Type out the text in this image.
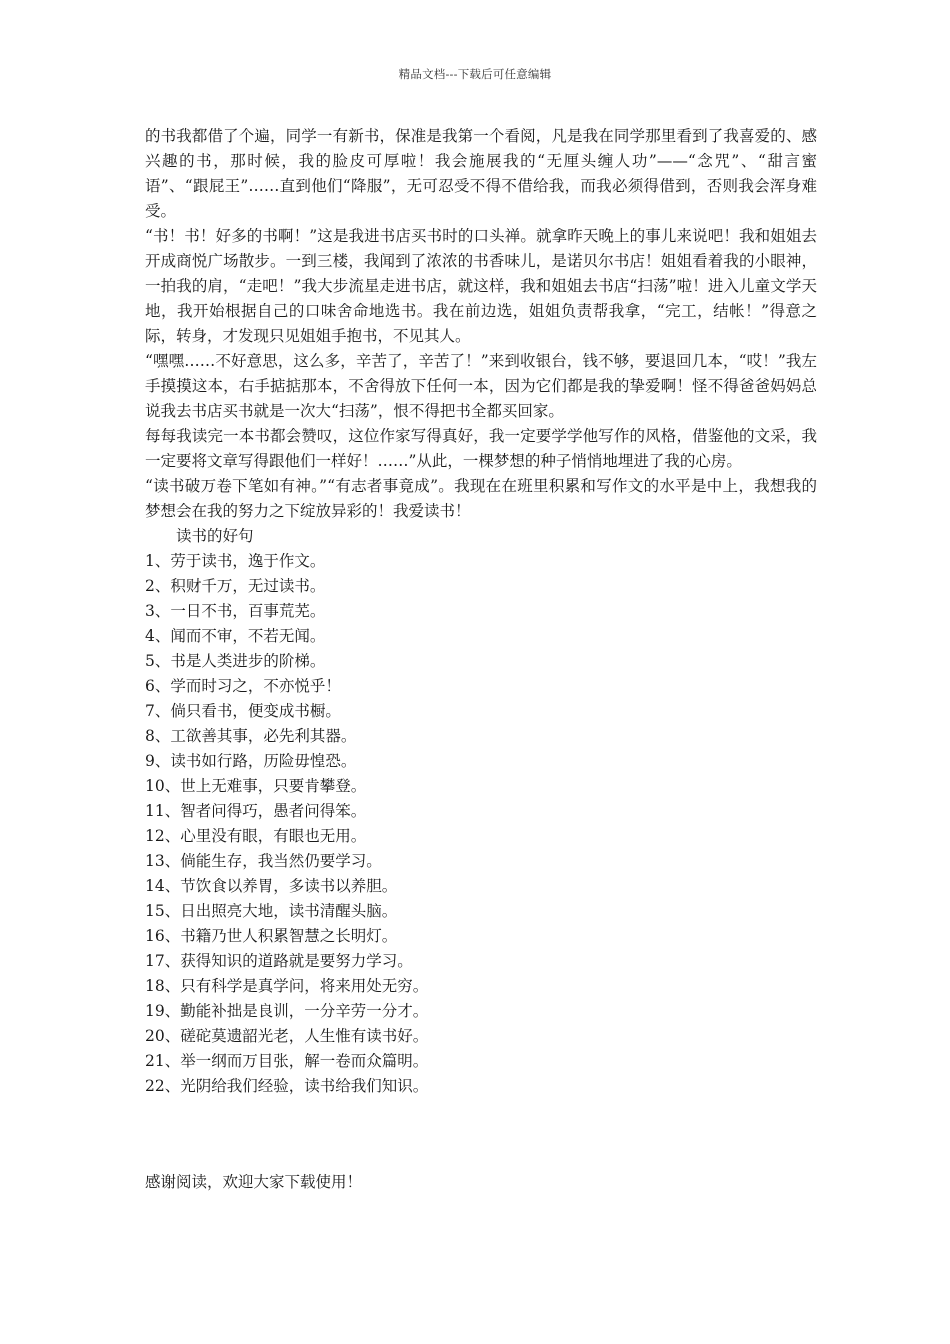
精品文档---下载后可任意编辑

的书我都借了个遍，同学一有新书，保准是我第一个看阅，凡是我在同学那里看到了我喜爱的、感兴趣的书，那时候，我的脸皮可厚啦！我会施展我的“无厘头缠人功”——“念咒”、“甜言蜜语”、“跟屁王”……直到他们“降服”，无可忍受不得不借给我，而我必须得借到，否则我会浑身难受。

“书！书！好多的书啊！”这是我进书店买书时的口头禅。就拿昨天晚上的事儿来说吧！我和姐姐去开成商悦广场散步。一到三楼，我闻到了浓浓的书香味儿，是诺贝尔书店！姐姐看着我的小眼神，一拍我的肩，“走吧！”我大步流星走进书店，就这样，我和姐姐去书店“扫荡”啦！进入儿童文学天地，我开始根据自己的口味舍命地选书。我在前边选，姐姐负责帮我拿，“完工，结帐！”得意之际，转身，才发现只见姐姐手抱书，不见其人。

“嘿嘿……不好意思，这么多，辛苦了，辛苦了！”来到收银台，钱不够，要退回几本，“哎！”我左手摸摸这本，右手掂掂那本，不舍得放下任何一本，因为它们都是我的挚爱啊！怪不得爸爸妈妈总说我去书店买书就是一次大“扫荡”，恨不得把书全都买回家。

每每我读完一本书都会赞叹，这位作家写得真好，我一定要学学他写作的风格，借鉴他的文采，我一定要将文章写得跟他们一样好！……”从此，一棵梦想的种子悄悄地埋进了我的心房。

“读书破万卷下笔如有神。”“有志者事竟成”。我现在在班里积累和写作文的水平是中上，我想我的梦想会在我的努力之下绽放异彩的！我爱读书！

读书的好句

1、劳于读书，逸于作文。
2、积财千万，无过读书。
3、一日不书，百事荒芜。
4、闻而不审，不若无闻。
5、书是人类进步的阶梯。
6、学而时习之，不亦悦乎！
7、倘只看书，便变成书橱。
8、工欲善其事，必先利其器。
9、读书如行路，历险毋惶恐。
10、世上无难事，只要肯攀登。
11、智者问得巧，愚者问得笨。
12、心里没有眼，有眼也无用。
13、倘能生存，我当然仍要学习。
14、节饮食以养胃，多读书以养胆。
15、日出照亮大地，读书清醒头脑。
16、书籍乃世人积累智慧之长明灯。
17、获得知识的道路就是要努力学习。
18、只有科学是真学问，将来用处无穷。
19、勤能补拙是良训，一分辛劳一分才。
20、磋砣莫遗韶光老，人生惟有读书好。
21、举一纲而万目张，解一卷而众篇明。
22、光阴给我们经验，读书给我们知识。
感谢阅读，欢迎大家下载使用！
